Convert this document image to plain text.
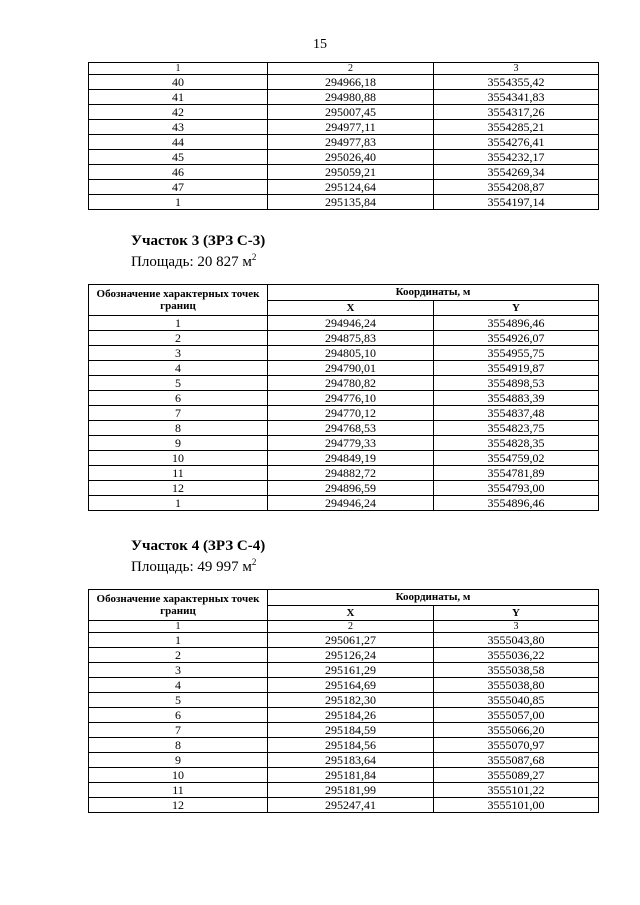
15
1	2	3
40	294966,18	3554355,42
41	294980,88	3554341,83
42	295007,45	3554317,26
43	294977,11	3554285,21
44	294977,83	3554276,41
45	295026,40	3554232,17
46	295059,21	3554269,34
47	295124,64	3554208,87
1	295135,84	3554197,14
Участок 3 (ЗРЗ С-3)
Площадь: 20 827 $м^2$
Обозначение характерных точек границ	Координаты, м	
	X	Y
1	294946,24	3554896,46
2	294875,83	3554926,07
3	294805,10	3554955,75
4	294790,01	3554919,87
5	294780,82	3554898,53
6	294776,10	3554883,39
7	294770,12	3554837,48
8	294768,53	3554823,75
9	294779,33	3554828,35
10	294849,19	3554759,02
11	294882,72	3554781,89
12	294896,59	3554793,00
1	294946,24	3554896,46
Участок 4 (ЗРЗ С-4)
Площадь: 49 997 $м^2$
Обозначение характерных точек границ	Координаты, м	
	X	Y
1	2	3
1	295061,27	3555043,80
2	295126,24	3555036,22
3	295161,29	3555038,58
4	295164,69	3555038,80
5	295182,30	3555040,85
6	295184,26	3555057,00
7	295184,59	3555066,20
8	295184,56	3555070,97
9	295183,64	3555087,68
10	295181,84	3555089,27
11	295181,99	3555101,22
12	295247,41	3555101,00
